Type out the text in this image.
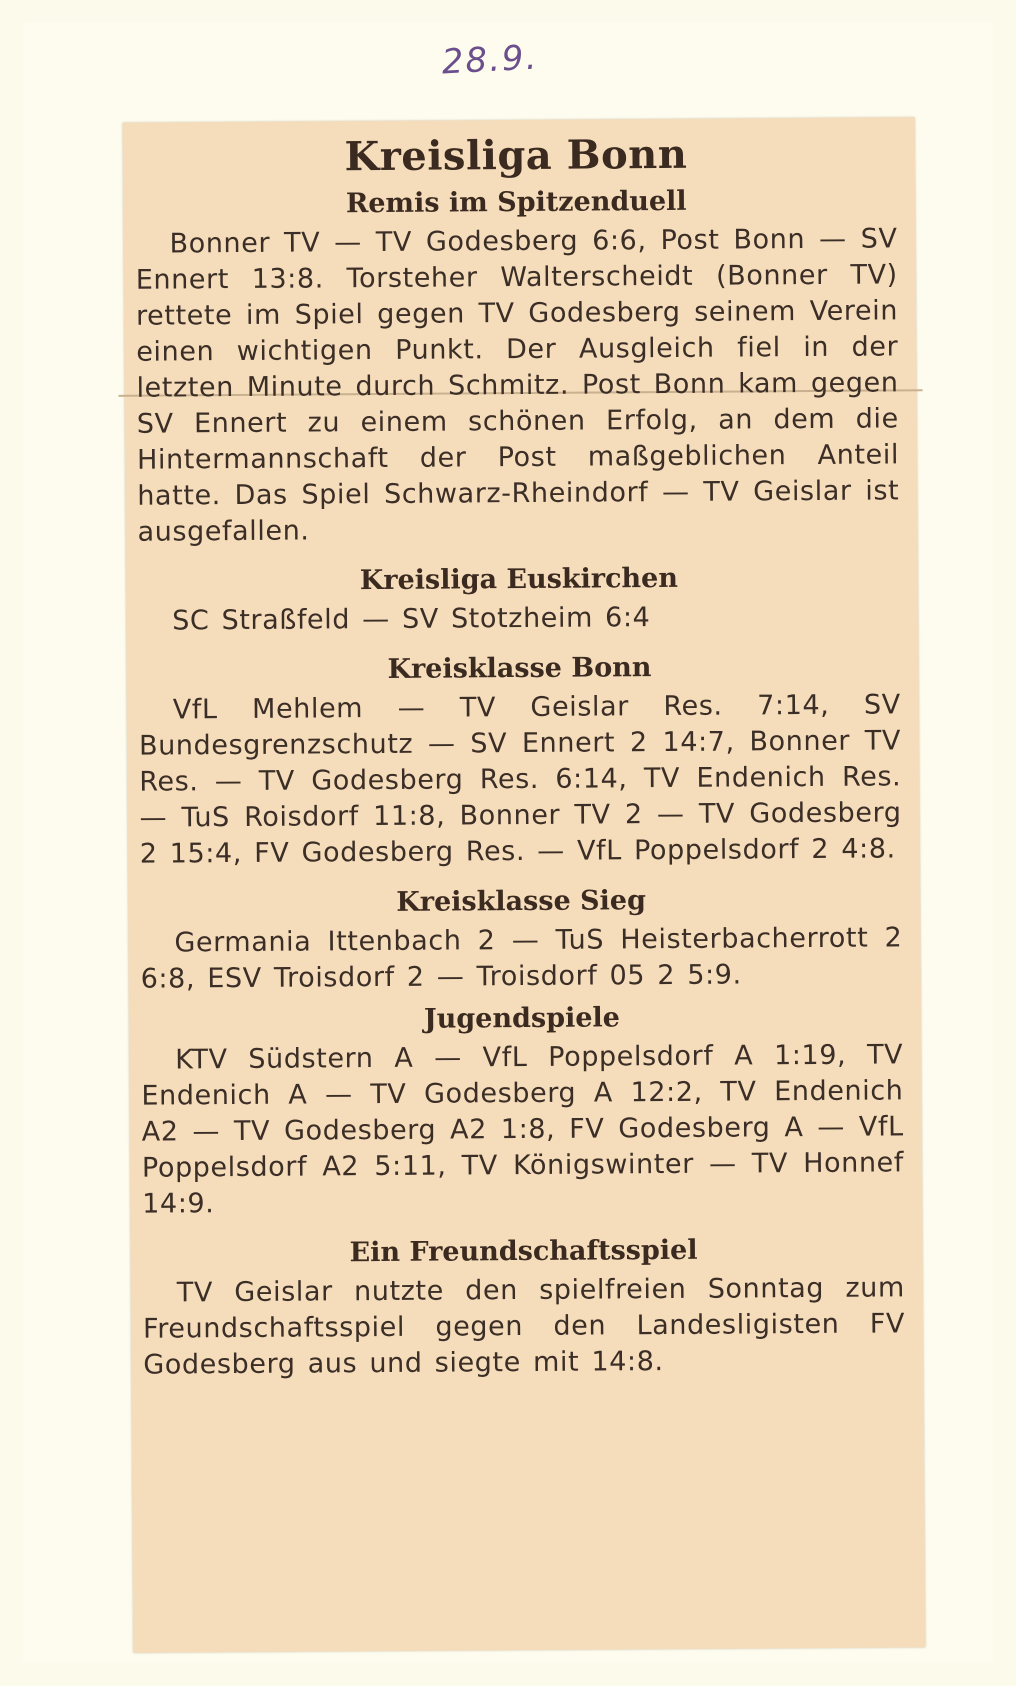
28.9.
Kreisliga Bonn
Remis im Spitzenduell

Bonner TV — TV Godesberg 6:6, Post Bonn — SV Ennert 13:8. Torsteher Walterscheidt (Bonner TV) rettete im Spiel gegen TV Godesberg seinem Verein einen wichtigen Punkt. Der Ausgleich fiel in der letzten Minute durch Schmitz. Post Bonn kam gegen SV Ennert zu einem schönen Erfolg, an dem die Hintermannschaft der Post maßgeblichen Anteil hatte. Das Spiel Schwarz-Rheindorf — TV Geislar ist ausgefallen.

Kreisliga Euskirchen

SC Straßfeld — SV Stotzheim 6:4

Kreisklasse Bonn

VfL Mehlem — TV Geislar Res. 7:14, SV Bundesgrenzschutz — SV Ennert 2 14:7, Bonner TV Res. — TV Godesberg Res. 6:14, TV Endenich Res. — TuS Roisdorf 11:8, Bonner TV 2 — TV Godesberg 2 15:4, FV Godesberg Res. — VfL Poppelsdorf 2 4:8.

Kreisklasse Sieg

Germania Ittenbach 2 — TuS Heisterbacherrott 2 6:8, ESV Troisdorf 2 — Troisdorf 05 2 5:9.

Jugendspiele

KTV Südstern A — VfL Poppelsdorf A 1:19, TV Endenich A — TV Godesberg A 12:2, TV Endenich A2 — TV Godesberg A2 1:8, FV Godesberg A — VfL Poppelsdorf A2 5:11, TV Königswinter — TV Honnef 14:9.

Ein Freundschaftsspiel

TV Geislar nutzte den spielfreien Sonntag zum Freundschaftsspiel gegen den Landesligisten FV Godesberg aus und siegte mit 14:8.
